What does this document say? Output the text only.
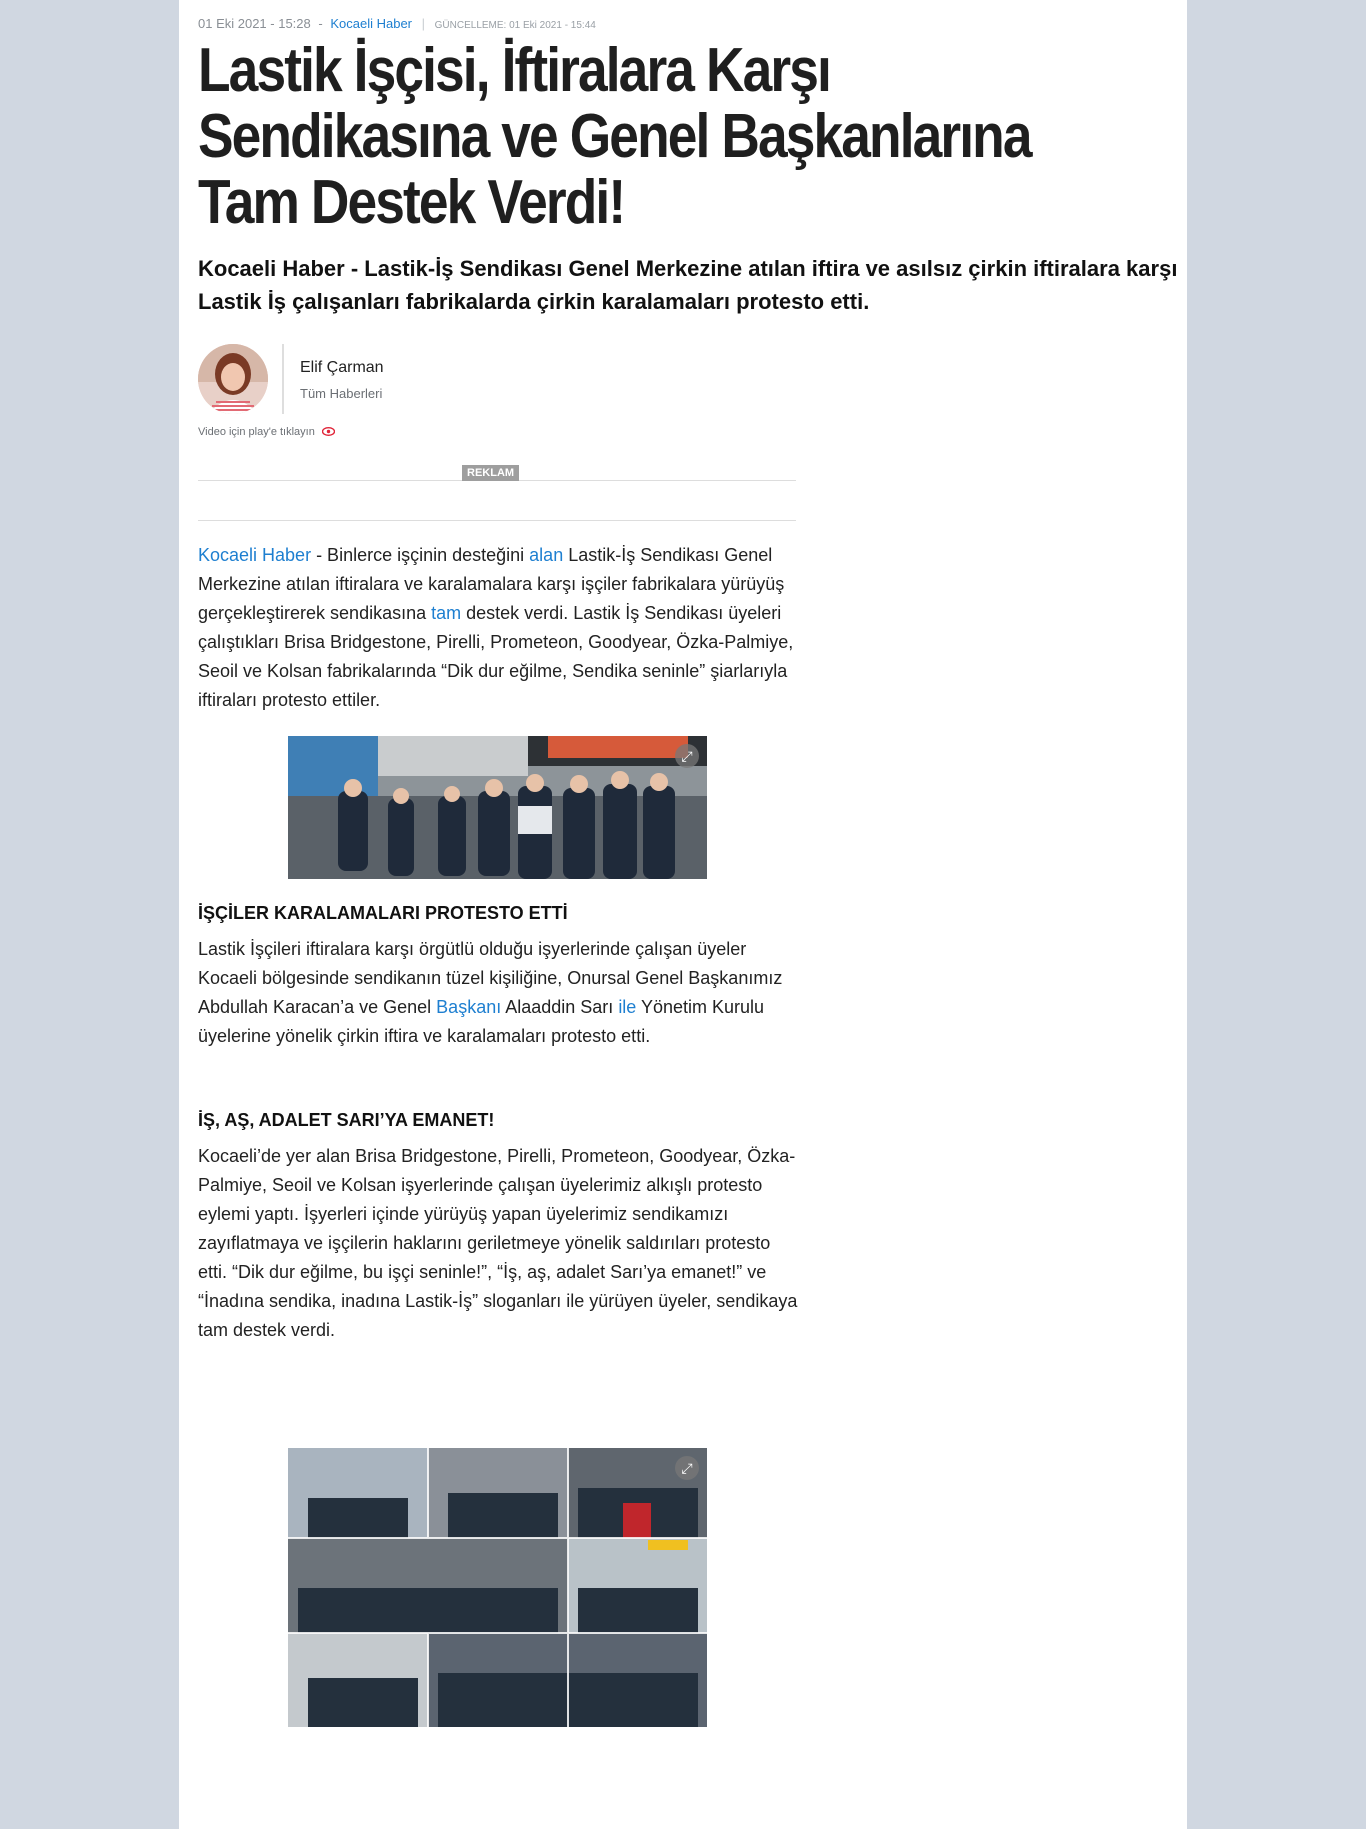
01 Eki 2021 - 15:28 - Kocaeli Haber | GÜNCELLEME: 01 Eki 2021 - 15:44
Lastik İşçisi, İftiralara Karşı
Sendikasına ve Genel Başkanlarına
Tam Destek Verdi!

Kocaeli Haber - Lastik-İş Sendikası Genel Merkezine atılan iftira ve asılsız çirkin iftiralara karşı Lastik İş çalışanları fabrikalarda çirkin karalamaları protesto etti.

Elif Çarman
Tüm Haberleri
Video için play'e tıklayın
REKLAM

Kocaeli Haber - Binlerce işçinin desteğini alan Lastik-İş Sendikası Genel Merkezine atılan iftiralara ve karalamalara karşı işçiler fabrikalara yürüyüş gerçekleştirerek sendikasına tam destek verdi. Lastik İş Sendikası üyeleri çalıştıkları Brisa Bridgestone, Pirelli, Prometeon, Goodyear, Özka-Palmiye, Seoil ve Kolsan fabrikalarında “Dik dur eğilme, Sendika seninle” şiarlarıyla iftiraları protesto ettiler.

⤢
İŞÇİLER KARALAMALARI PROTESTO ETTİ

Lastik İşçileri iftiralara karşı örgütlü olduğu işyerlerinde çalışan üyeler Kocaeli bölgesinde sendikanın tüzel kişiliğine, Onursal Genel Başkanımız Abdullah Karacan’a ve Genel Başkanı Alaaddin Sarı ile Yönetim Kurulu üyelerine yönelik çirkin iftira ve karalamaları protesto etti.

İŞ, AŞ, ADALET SARI’YA EMANET!

Kocaeli’de yer alan Brisa Bridgestone, Pirelli, Prometeon, Goodyear, Özka-Palmiye, Seoil ve Kolsan işyerlerinde çalışan üyelerimiz alkışlı protesto eylemi yaptı. İşyerleri içinde yürüyüş yapan üyelerimiz sendikamızı zayıflatmaya ve işçilerin haklarını geriletmeye yönelik saldırıları protesto etti. “Dik dur eğilme, bu işçi seninle!”, “İş, aş, adalet Sarı’ya emanet!” ve “İnadına sendika, inadına Lastik-İş” sloganları ile yürüyen üyeler, sendikaya tam destek verdi.

⤢
